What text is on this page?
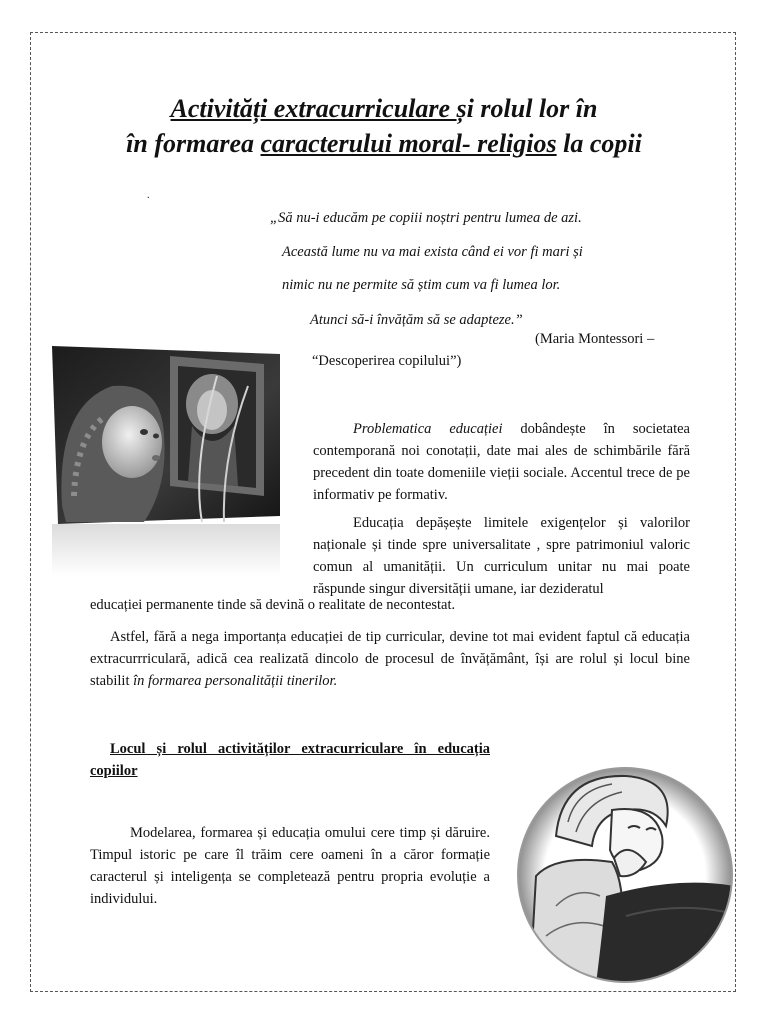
Activități extracurriculare și rolul lor în
în formarea caracterului moral- religios la copii
.
„Să nu-i educăm pe copiii noștri pentru lumea de azi.
Această lume nu va mai exista când ei vor fi mari și
nimic nu ne permite să știm cum va fi lumea lor.
Atunci să-i învățăm să se adapteze.”
(Maria Montessori –
“Descoperirea copilului”)
Problematica educației dobândește în societatea contemporană noi conotații, date mai ales de schimbările fără precedent din toate domeniile vieții sociale. Accentul trece de pe informativ pe formativ.
Educația depășește limitele exigențelor și valorilor naționale și tinde spre universalitate , spre patrimoniul valoric comun al umanității. Un curriculum unitar nu mai poate răspunde singur diversității umane, iar dezideratul
educației permanente tinde să devină o realitate de necontestat.
Astfel, fără a nega importanța educației de tip curricular, devine tot mai evident faptul că educația extracurrriculară, adică cea realizată dincolo de procesul de învățământ, își are rolul și locul bine stabilit în formarea personalității tinerilor.
Locul și rolul activităților extracurriculare în educația copiilor
Modelarea, formarea și educația omului cere timp și dăruire. Timpul istoric pe care îl trăim cere oameni în a căror formație caracterul și inteligența se completează pentru propria evoluție a individului.
